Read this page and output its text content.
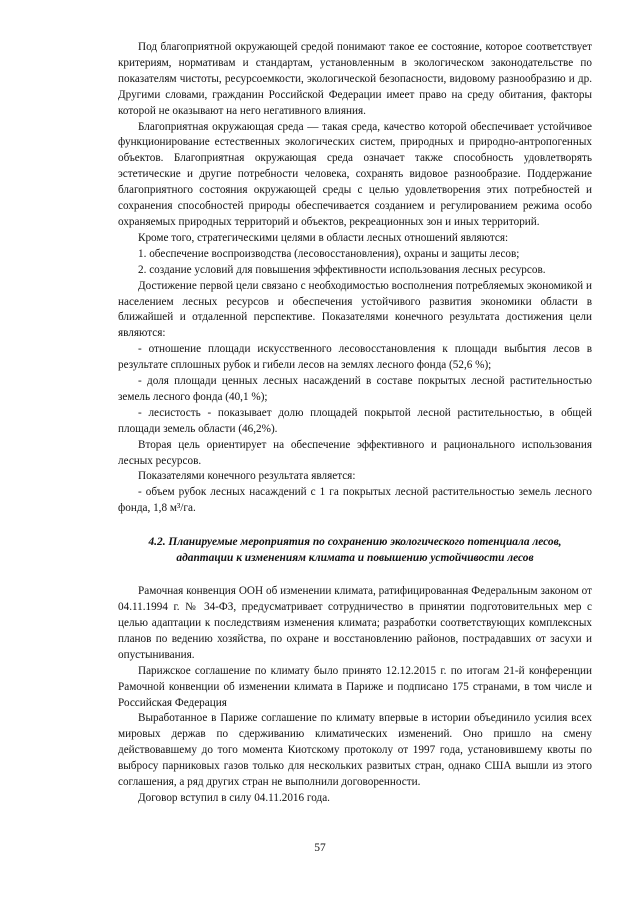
Под благоприятной окружающей средой понимают такое ее состояние, которое соответствует критериям, нормативам и стандартам, установленным в экологическом законодательстве по показателям чистоты, ресурсоемкости, экологической безопасности, видовому разнообразию и др. Другими словами, гражданин Российской Федерации имеет право на среду обитания, факторы которой не оказывают на него негативного влияния.

Благоприятная окружающая среда — такая среда, качество которой обеспечивает устойчивое функционирование естественных экологических систем, природных и природно-антропогенных объектов. Благоприятная окружающая среда означает также способность удовлетворять эстетические и другие потребности человека, сохранять видовое разнообразие. Поддержание благоприятного состояния окружающей среды с целью удовлетворения этих потребностей и сохранения способностей природы обеспечивается созданием и регулированием режима особо охраняемых природных территорий и объектов, рекреационных зон и иных территорий.

Кроме того, стратегическими целями в области лесных отношений являются:

1. обеспечение воспроизводства (лесовосстановления), охраны и защиты лесов;

2. создание условий для повышения эффективности использования лесных ресурсов.

Достижение первой цели связано с необходимостью восполнения потребляемых экономикой и населением лесных ресурсов и обеспечения устойчивого развития экономики области в ближайшей и отдаленной перспективе. Показателями конечного результата достижения цели являются:

- отношение площади искусственного лесовосстановления к площади выбытия лесов в результате сплошных рубок и гибели лесов на землях лесного фонда (52,6 %);

- доля площади ценных лесных насаждений в составе покрытых лесной растительностью земель лесного фонда (40,1 %);

- лесистость - показывает долю площадей покрытой лесной растительностью, в общей площади земель области (46,2%).

Вторая цель ориентирует на обеспечение эффективного и рационального использования лесных ресурсов.

Показателями конечного результата является:

- объем рубок лесных насаждений с 1 га покрытых лесной растительностью земель лесного фонда, 1,8 м³/га.

4.2. Планируемые мероприятия по сохранению экологического потенциала лесов, адаптации к изменениям климата и повышению устойчивости лесов

Рамочная конвенция ООН об изменении климата, ратифицированная Федеральным законом от 04.11.1994 г. № 34-ФЗ, предусматривает сотрудничество в принятии подготовительных мер с целью адаптации к последствиям изменения климата; разработки соответствующих комплексных планов по ведению хозяйства, по охране и восстановлению районов, пострадавших от засухи и опустынивания.

Парижское соглашение по климату было принято 12.12.2015 г. по итогам 21-й конференции Рамочной конвенции об изменении климата в Париже и подписано 175 странами, в том числе и Российская Федерация

Выработанное в Париже соглашение по климату впервые в истории объединило усилия всех мировых держав по сдерживанию климатических изменений. Оно пришло на смену действовавшему до того момента Киотскому протоколу от 1997 года, установившему квоты по выбросу парниковых газов только для нескольких развитых стран, однако США вышли из этого соглашения, а ряд других стран не выполнили договоренности.

Договор вступил в силу 04.11.2016 года.

57
